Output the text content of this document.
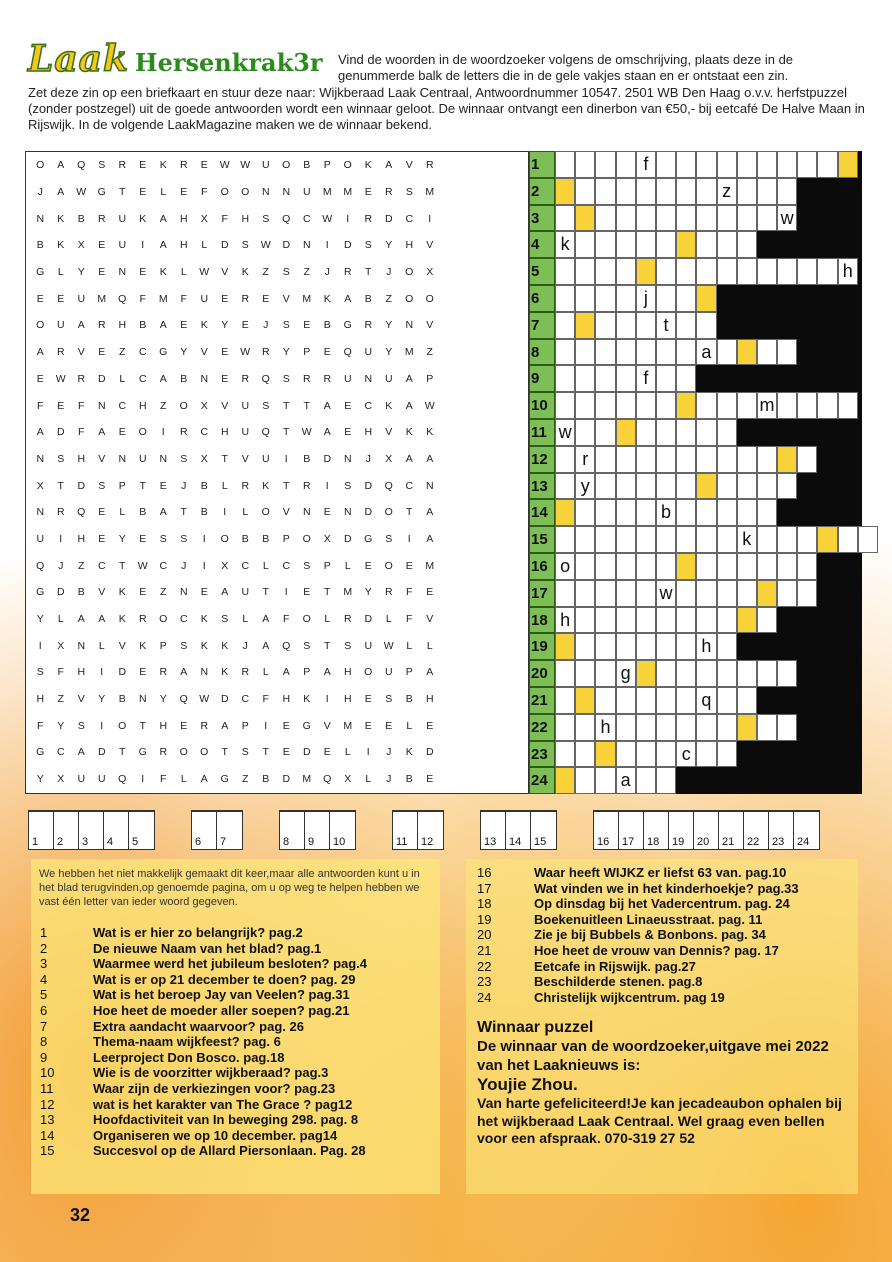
Laak Hersenkrak3r Vind de woorden in de woordzoeker volgens de omschrijving, plaats deze in de genummerde balk de letters die in de gele vakjes staan en er ontstaat een zin.
Zet deze zin op een briefkaart en stuur deze naar: Wijkberaad Laak Centraal, Antwoordnummer 10547. 2501 WB Den Haag o.v.v. herfstpuzzel (zonder postzegel) uit de goede antwoorden wordt een winnaar geloot. De winnaar ontvangt een dinerbon van €50,- bij eetcafé De Halve Maan in Rijswijk. In de volgende LaakMagazine maken we de winnaar bekend.
O	A	Q	S	R	E	K	R	E	W	W	U	O	B	P	O	K	A	V	R
J	A	W	G	T	E	L	E	F	O	O	N	N	U	M	M	E	R	S	M
N	K	B	R	U	K	A	H	X	F	H	S	Q	C	W	I	R	D	C	I
B	K	X	E	U	I	A	H	L	D	S	W	D	N	I	D	S	Y	H	V
G	L	Y	E	N	E	K	L	W	V	K	Z	S	Z	J	R	T	J	O	X
E	E	U	M	Q	F	M	F	U	E	R	E	V	M	K	A	B	Z	O	O
O	U	A	R	H	B	A	E	K	Y	E	J	S	E	B	G	R	Y	N	V
A	R	V	E	Z	C	G	Y	V	E	W	R	Y	P	E	Q	U	Y	M	Z
E	W	R	D	L	C	A	B	N	E	R	Q	S	R	R	U	N	U	A	P
F	E	F	N	C	H	Z	O	X	V	U	S	T	T	A	E	C	K	A	W
A	D	F	A	E	O	I	R	C	H	U	Q	T	W	A	E	H	V	K	K
N	S	H	V	N	U	N	S	X	T	V	U	I	B	D	N	J	X	A	A
X	T	D	S	P	T	E	J	B	L	R	K	T	R	I	S	D	Q	C	N
N	R	Q	E	L	B	A	T	B	I	L	O	V	N	E	N	D	O	T	A
U	I	H	E	Y	E	S	S	I	O	B	B	P	O	X	D	G	S	I	A
Q	J	Z	C	T	W	C	J	I	X	C	L	C	S	P	L	E	O	E	M
G	D	B	V	K	E	Z	N	E	A	U	T	I	E	T	M	Y	R	F	E
Y	L	A	A	K	R	O	C	K	S	L	A	F	O	L	R	D	L	F	V
I	X	N	L	V	K	P	S	K	K	J	A	Q	S	T	S	U	W	L	L
S	F	H	I	D	E	R	A	N	K	R	L	A	P	A	H	O	U	P	A
H	Z	V	Y	B	N	Y	Q	W	D	C	F	H	K	I	H	E	S	B	H
F	Y	S	I	O	T	H	E	R	A	P	I	E	G	V	M	E	E	L	E
G	C	A	D	T	G	R	O	O	T	S	T	E	D	E	L	I	J	K	D
Y	X	U	U	Q	I	F	L	A	G	Z	B	D	M	Q	X	L	J	B	E
1	f
2	z
3	w
4	k
5	h
6	j
7	t
8	a
9	f
10	m
11 w
12	r
13	y
14	b
15	k
16 o
17	w
18 h
19	h
20	g
21	q
22	h
23	c
24	a
1 2 3 4 5	6 7	8 9 10	11 12	13 14 15	16 17 18 19 20 21 22 23 24
We hebben het niet makkelijk gemaakt dit keer,maar alle antwoorden kunt u in het blad terugvinden,op genoemde pagina, om u op weg te helpen hebben we vast één letter van ieder woord gegeven.
1	Wat is er hier zo belangrijk? pag.2
2	De nieuwe Naam van het blad? pag.1
3	Waarmee werd het jubileum besloten? pag.4
4	Wat is er op 21 december te doen? pag. 29
5	Wat is het beroep Jay van Veelen? pag.31
6	Hoe heet de moeder aller soepen? pag.21
7	Extra aandacht waarvoor? pag. 26
8	Thema-naam wijkfeest? pag. 6
9	Leerproject Don Bosco. pag.18
10	Wie is de voorzitter wijkberaad? pag.3
11	Waar zijn de verkiezingen voor? pag.23
12	wat is het karakter van The Grace ? pag12
13	Hoofdactiviteit van In beweging 298. pag. 8
14	Organiseren we op 10 december. pag14
15	Succesvol op de Allard Piersonlaan. Pag. 28
16	Waar heeft WIJKZ er liefst 63 van. pag.10
17	Wat vinden we in het kinderhoekje? pag.33
18	Op dinsdag bij het Vadercentrum. pag. 24
19	Boekenuitleen Linaeusstraat. pag. 11
20	Zie je bij Bubbels & Bonbons. pag. 34
21	Hoe heet de vrouw van Dennis? pag. 17
22	Eetcafe in Rijswijk. pag.27
23	Beschilderde stenen. pag.8
24	Christelijk wijkcentrum. pag 19
Winnaar puzzel
De winnaar van de woordzoeker,uitgave mei 2022 van het Laaknieuws is:
Youjie Zhou.
Van harte gefeliciteerd!Je kan jecadeaubon ophalen bij het wijkberaad Laak Centraal. Wel graag even bellen voor een afspraak. 070-319 27 52
32
